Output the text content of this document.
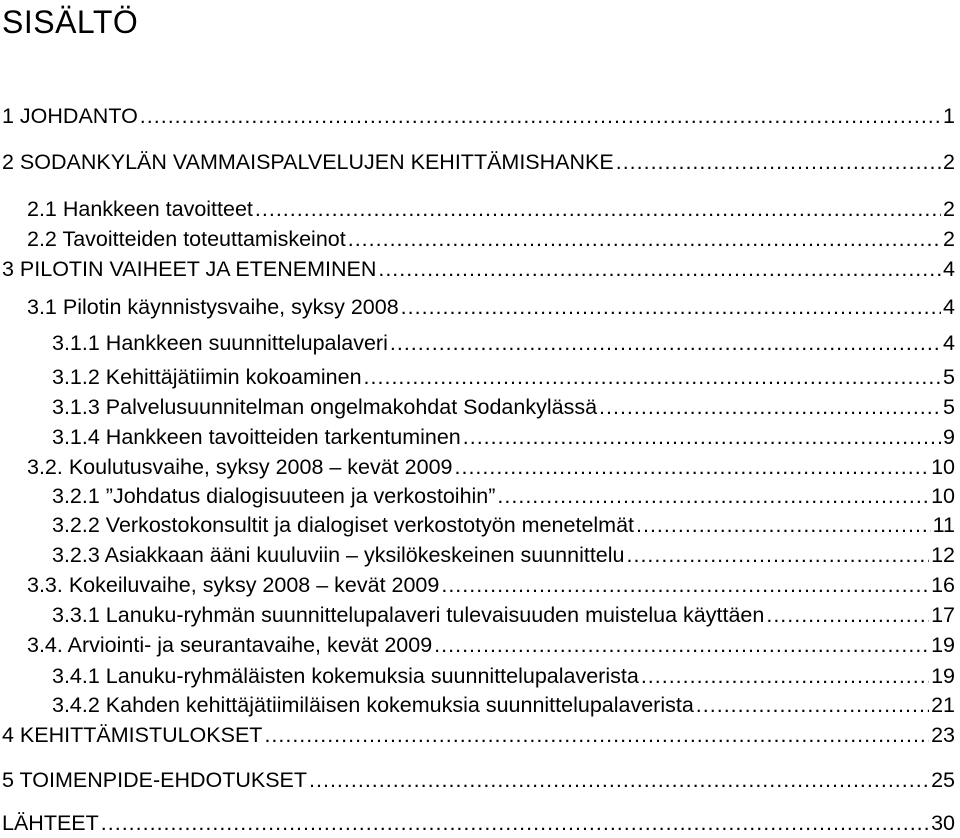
SISÄLTÖ
1 JOHDANTO .....	1
2 SODANKYLÄN VAMMAISPALVELUJEN KEHITTÄMISHANKE .....	2
2.1 Hankkeen tavoitteet .....	2
2.2 Tavoitteiden toteuttamiskeinot .....	2
3 PILOTIN VAIHEET JA ETENEMINEN .....	4
3.1 Pilotin käynnistysvaihe, syksy 2008 .....	4
3.1.1 Hankkeen suunnittelupalaveri .....	4
3.1.2 Kehittäjätiimin kokoaminen .....	5
3.1.3 Palvelusuunnitelman ongelmakohdat Sodankylässä .....	5
3.1.4 Hankkeen tavoitteiden tarkentuminen .....	9
3.2. Koulutusvaihe, syksy 2008 – kevät 2009 .....	10
3.2.1 ”Johdatus dialogisuuteen ja verkostoihin” .....	10
3.2.2 Verkostokonsultit ja dialogiset verkostotyön menetelmät .....	11
3.2.3 Asiakkaan ääni kuuluviin – yksilökeskeinen suunnittelu .....	12
3.3. Kokeiluvaihe, syksy 2008 – kevät 2009 .....	16
3.3.1 Lanuku-ryhmän suunnittelupalaveri tulevaisuuden muistelua käyttäen .....	17
3.4. Arviointi- ja seurantavaihe, kevät 2009 .....	19
3.4.1 Lanuku-ryhmäläisten kokemuksia suunnittelupalaverista .....	19
3.4.2 Kahden kehittäjätiimiläisen kokemuksia suunnittelupalaverista .....	21
4 KEHITTÄMISTULOKSET .....	23
5 TOIMENPIDE-EHDOTUKSET .....	25
LÄHTEET .....	30
